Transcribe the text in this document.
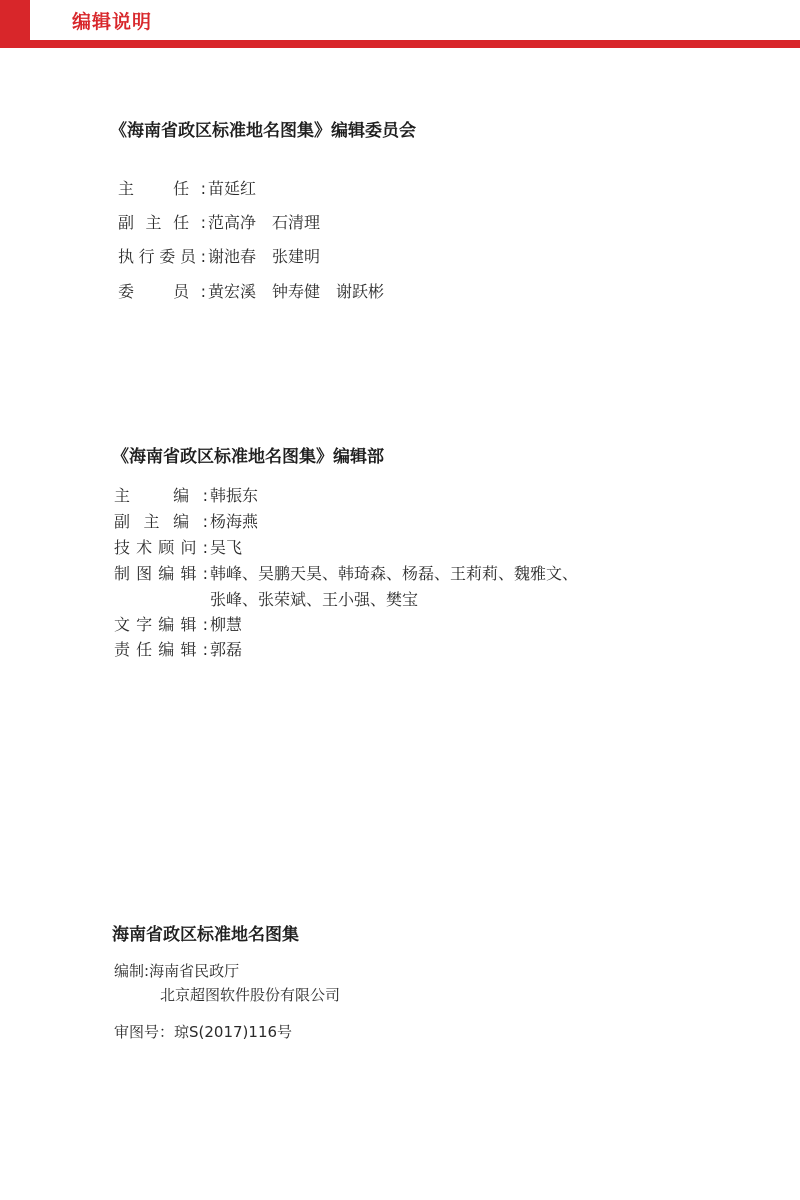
编辑说明
《海南省政区标准地名图集》编辑委员会
主　任: 苗延红
副主任: 范高净　石清理
执行委员: 谢池春　张建明
委　员: 黄宏溪　钟寿健　谢跃彬
《海南省政区标准地名图集》编辑部
主　编: 韩振东
副主编: 杨海燕
技术顾问: 吴飞
制图编辑: 韩峰、吴鹏天昊、韩琦森、杨磊、王莉莉、魏雅文、
张峰、张荣斌、王小强、樊宝
文字编辑: 柳慧
责任编辑: 郭磊
海南省政区标准地名图集
编制:海南省民政厅
北京超图软件股份有限公司
审图号：琼S(2017)116号
